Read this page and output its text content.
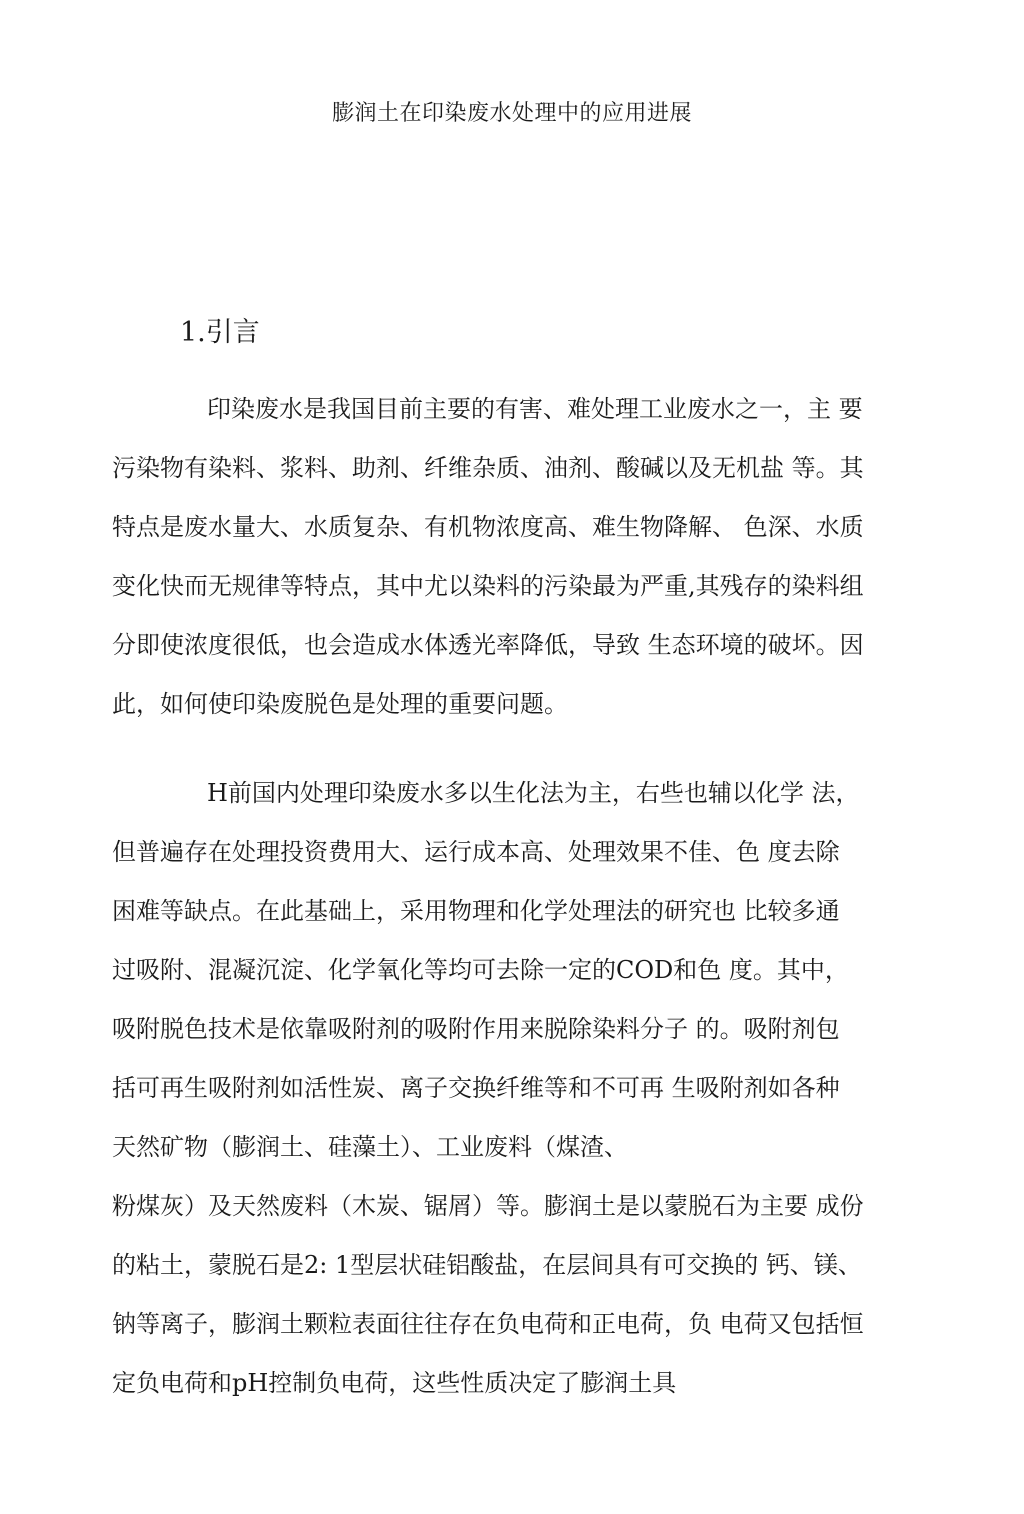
膨润土在印染废水处理中的应用进展
1.引言
印染废水是我国目前主要的有害、难处理工业废水之一，主 要
污染物有染料、浆料、助剂、纤维杂质、油剂、酸碱以及无机盐 等。其
特点是废水量大、水质复杂、有机物浓度高、难生物降解、 色深、水质
变化快而无规律等特点，其中尤以染料的污染最为严重,其残存的染料组
分即使浓度很低，也会造成水体透光率降低，导致 生态环境的破坏。因
此，如何使印染废脱色是处理的重要问题。
H前国内处理印染废水多以生化法为主，右些也辅以化学 法，
但普遍存在处理投资费用大、运行成本高、处理效果不佳、色 度去除
困难等缺点。在此基础上，采用物理和化学处理法的研究也 比较多通
过吸附、混凝沉淀、化学氧化等均可去除一定的COD和色 度。其中，
吸附脱色技术是依靠吸附剂的吸附作用来脱除染料分子 的。吸附剂包
括可再生吸附剂如活性炭、离子交换纤维等和不可再 生吸附剂如各种
天然矿物（膨润土、硅藻土）、工业废料（煤渣、
粉煤灰）及天然废料（木炭、锯屑）等。膨润土是以蒙脱石为主要 成份
的粘土，蒙脱石是2: 1型层状硅铝酸盐，在层间具有可交换的 钙、镁、
钠等离子，膨润土颗粒表面往往存在负电荷和正电荷，负 电荷又包括恒
定负电荷和pH控制负电荷，这些性质决定了膨润土具
